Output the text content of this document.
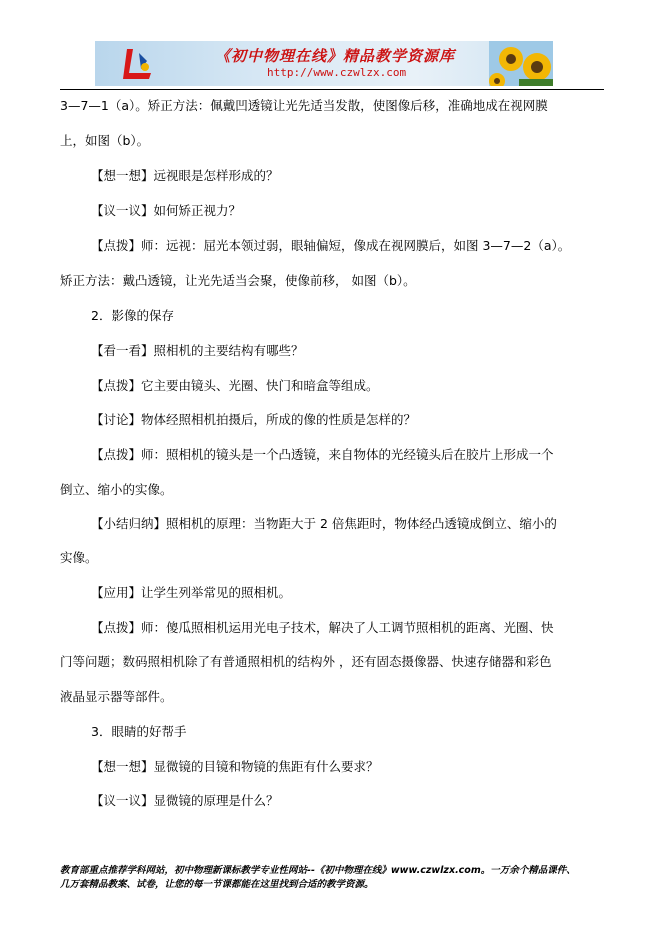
《初中物理在线》精品教学资源库
http://www.czwlzx.com
3—7—1（a）。矫正方法：佩戴凹透镜让光先适当发散，使图像后移，准确地成在视网膜
上，如图（b）。
【想一想】远视眼是怎样形成的？
【议一议】如何矫正视力？
【点拨】师：远视：屈光本领过弱，眼轴偏短，像成在视网膜后，如图 3—7—2（a）。
矫正方法：戴凸透镜，让光先适当会聚，使像前移， 如图（b）。
2．影像的保存
【看一看】照相机的主要结构有哪些？
【点拨】它主要由镜头、光圈、快门和暗盒等组成。
【讨论】物体经照相机拍摄后，所成的像的性质是怎样的？
【点拨】师：照相机的镜头是一个凸透镜，来自物体的光经镜头后在胶片上形成一个
倒立、缩小的实像。
【小结归纳】照相机的原理：当物距大于 2 倍焦距时，物体经凸透镜成倒立、缩小的
实像。
【应用】让学生列举常见的照相机。
【点拨】师：傻瓜照相机运用光电子技术，解决了人工调节照相机的距离、光圈、快
门等问题；数码照相机除了有普通照相机的结构外 ，还有固态摄像器、快速存储器和彩色
液晶显示器等部件。
3．眼睛的好帮手
【想一想】显微镜的目镜和物镜的焦距有什么要求？
【议一议】显微镜的原理是什么？
教育部重点推荐学科网站，初中物理新课标教学专业性网站--《初中物理在线》www.czwlzx.com。一万余个精品课件、
几万套精品教案、试卷，让您的每一节课都能在这里找到合适的教学资源。
